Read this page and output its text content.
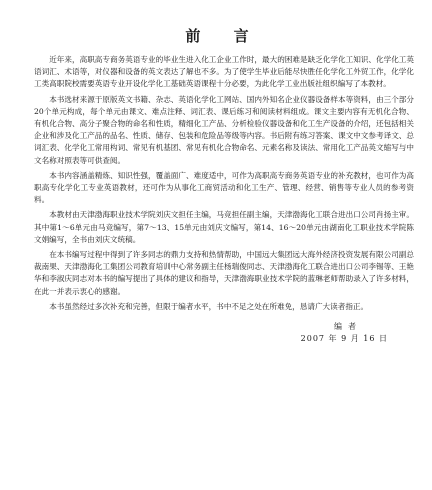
前 言

近年来，高职高专商务英语专业的毕业生进入化工企业工作时，最大的困难是缺乏化学化工知识、化学化工英语词汇、术语等，对仪器和设备的英文表达了解也不多。为了使学生毕业后能尽快胜任化学化工外贸工作，化学化工类高职院校需要英语专业开设化学化工基础英语课程十分必要，为此化学工业出版社组织编写了本教材。

本书选材来源于原版英文书籍、杂志、英语化学化工网站、国内外知名企业仪器设备样本等资料，由三个部分20个单元构成，每个单元由课文、难点注释、词汇表、课后练习和阅读材料组成。课文主要内容有无机化合物、有机化合物、高分子聚合物的命名和性质，精细化工产品、分析检验仪器设备和化工生产设备的介绍，还包括相关企业和涉及化工产品的品名、性质、储存、包装和危险品等级等内容。书后附有练习答案、课文中文参考译文、总词汇表、化学化工常用构词、常见有机基团、常见有机化合物命名、元素名称及读法、常用化工产品英文缩写与中文名称对照表等可供查阅。

本书内容涵盖精炼、知识性强，覆盖面广、难度适中，可作为高职高专商务英语专业的补充教材，也可作为高职高专化学化工专业英语教材，还可作为从事化工商贸活动和化工生产、管理、经营、销售等专业人员的参考资料。

本教材由天津渤海职业技术学院刘庆文担任主编，马竞担任副主编，天津渤海化工联合进出口公司肖扬主审。其中第1～6单元由马竞编写，第7～13、15单元由刘庆文编写，第14、16～20单元由湖南化工职业技术学院陈文娟编写，全书由刘庆文统稿。

在本书编写过程中得到了许多同志的鼎力支持和热情帮助，中国远大集团远大海外经济投资发展有限公司副总裁南果、天津渤海化工集团公司教育培训中心常务副主任杨瑞俊同志、天津渤海化工联合进出口公司李锡等、王艳华和李淑庆同志对本书的编写提出了具体的建议和指导，天津渤海职业技术学院的蓝琳老师帮助录入了许多材料，在此一并表示衷心的感谢。

本书虽然经过多次补充和完善，但限于编者水平，书中不足之处在所难免，恳请广大读者指正。

编者

2007 年 9 月 16 日
